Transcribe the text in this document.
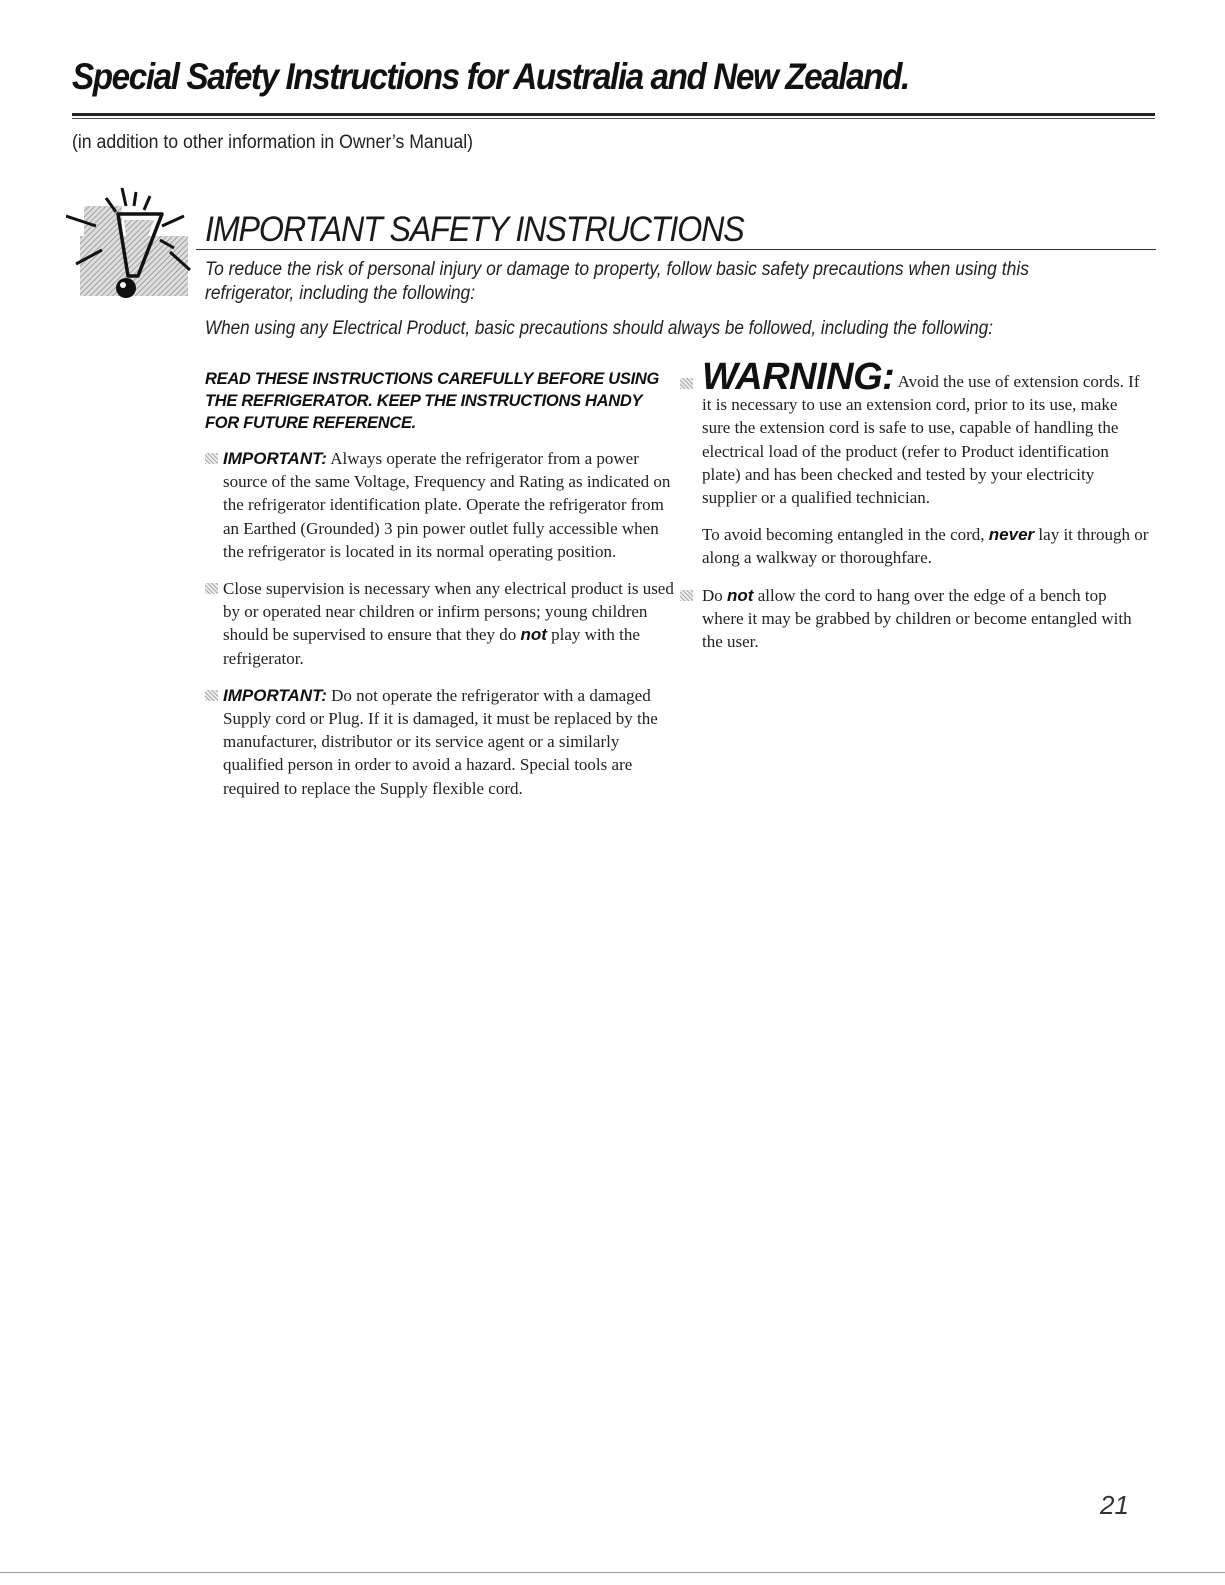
Special Safety Instructions for Australia and New Zealand.
(in addition to other information in Owner’s Manual)
IMPORTANT SAFETY INSTRUCTIONS
To reduce the risk of personal injury or damage to property, follow basic safety precautions when using this refrigerator, including the following:
When using any Electrical Product, basic precautions should always be followed, including the following:

READ THESE INSTRUCTIONS CAREFULLY BEFORE USING THE REFRIGERATOR. KEEP THE INSTRUCTIONS HANDY FOR FUTURE REFERENCE.

IMPORTANT: Always operate the refrigerator from a power source of the same Voltage, Frequency and Rating as indicated on the refrigerator identification plate. Operate the refrigerator from an Earthed (Grounded) 3 pin power outlet fully accessible when the refrigerator is located in its normal operating position.

Close supervision is necessary when any electrical product is used by or operated near children or infirm persons; young children should be supervised to ensure that they do not play with the refrigerator.

IMPORTANT: Do not operate the refrigerator with a damaged Supply cord or Plug. If it is damaged, it must be replaced by the manufacturer, distributor or its service agent or a similarly qualified person in order to avoid a hazard. Special tools are required to replace the Supply flexible cord.

WARNING: Avoid the use of extension cords. If it is necessary to use an extension cord, prior to its use, make sure the extension cord is safe to use, capable of handling the electrical load of the product (refer to Product identification plate) and has been checked and tested by your electricity supplier or a qualified technician.

To avoid becoming entangled in the cord, never lay it through or along a walkway or thoroughfare.

Do not allow the cord to hang over the edge of a bench top where it may be grabbed by children or become entangled with the user.

21
